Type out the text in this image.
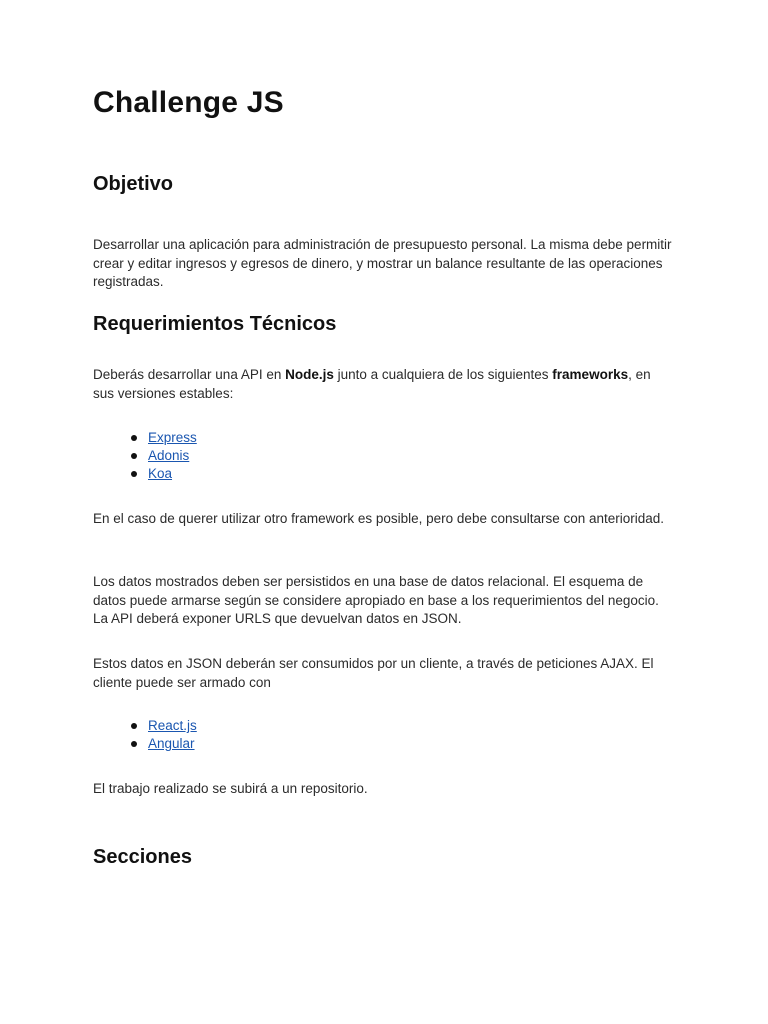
Challenge JS
Objetivo

Desarrollar una aplicación para administración de presupuesto personal. La misma debe permitir crear y editar ingresos y egresos de dinero, y mostrar un balance resultante de las operaciones registradas.

Requerimientos Técnicos

Deberás desarrollar una API en Node.js junto a cualquiera de los siguientes frameworks, en sus versiones estables:

Express
Adonis
Koa

En el caso de querer utilizar otro framework es posible, pero debe consultarse con anterioridad.

Los datos mostrados deben ser persistidos en una base de datos relacional. El esquema de datos puede armarse según se considere apropiado en base a los requerimientos del negocio. La API deberá exponer URLS que devuelvan datos en JSON.

Estos datos en JSON deberán ser consumidos por un cliente, a través de peticiones AJAX. El cliente puede ser armado con

React.js
Angular

El trabajo realizado se subirá a un repositorio.

Secciones
